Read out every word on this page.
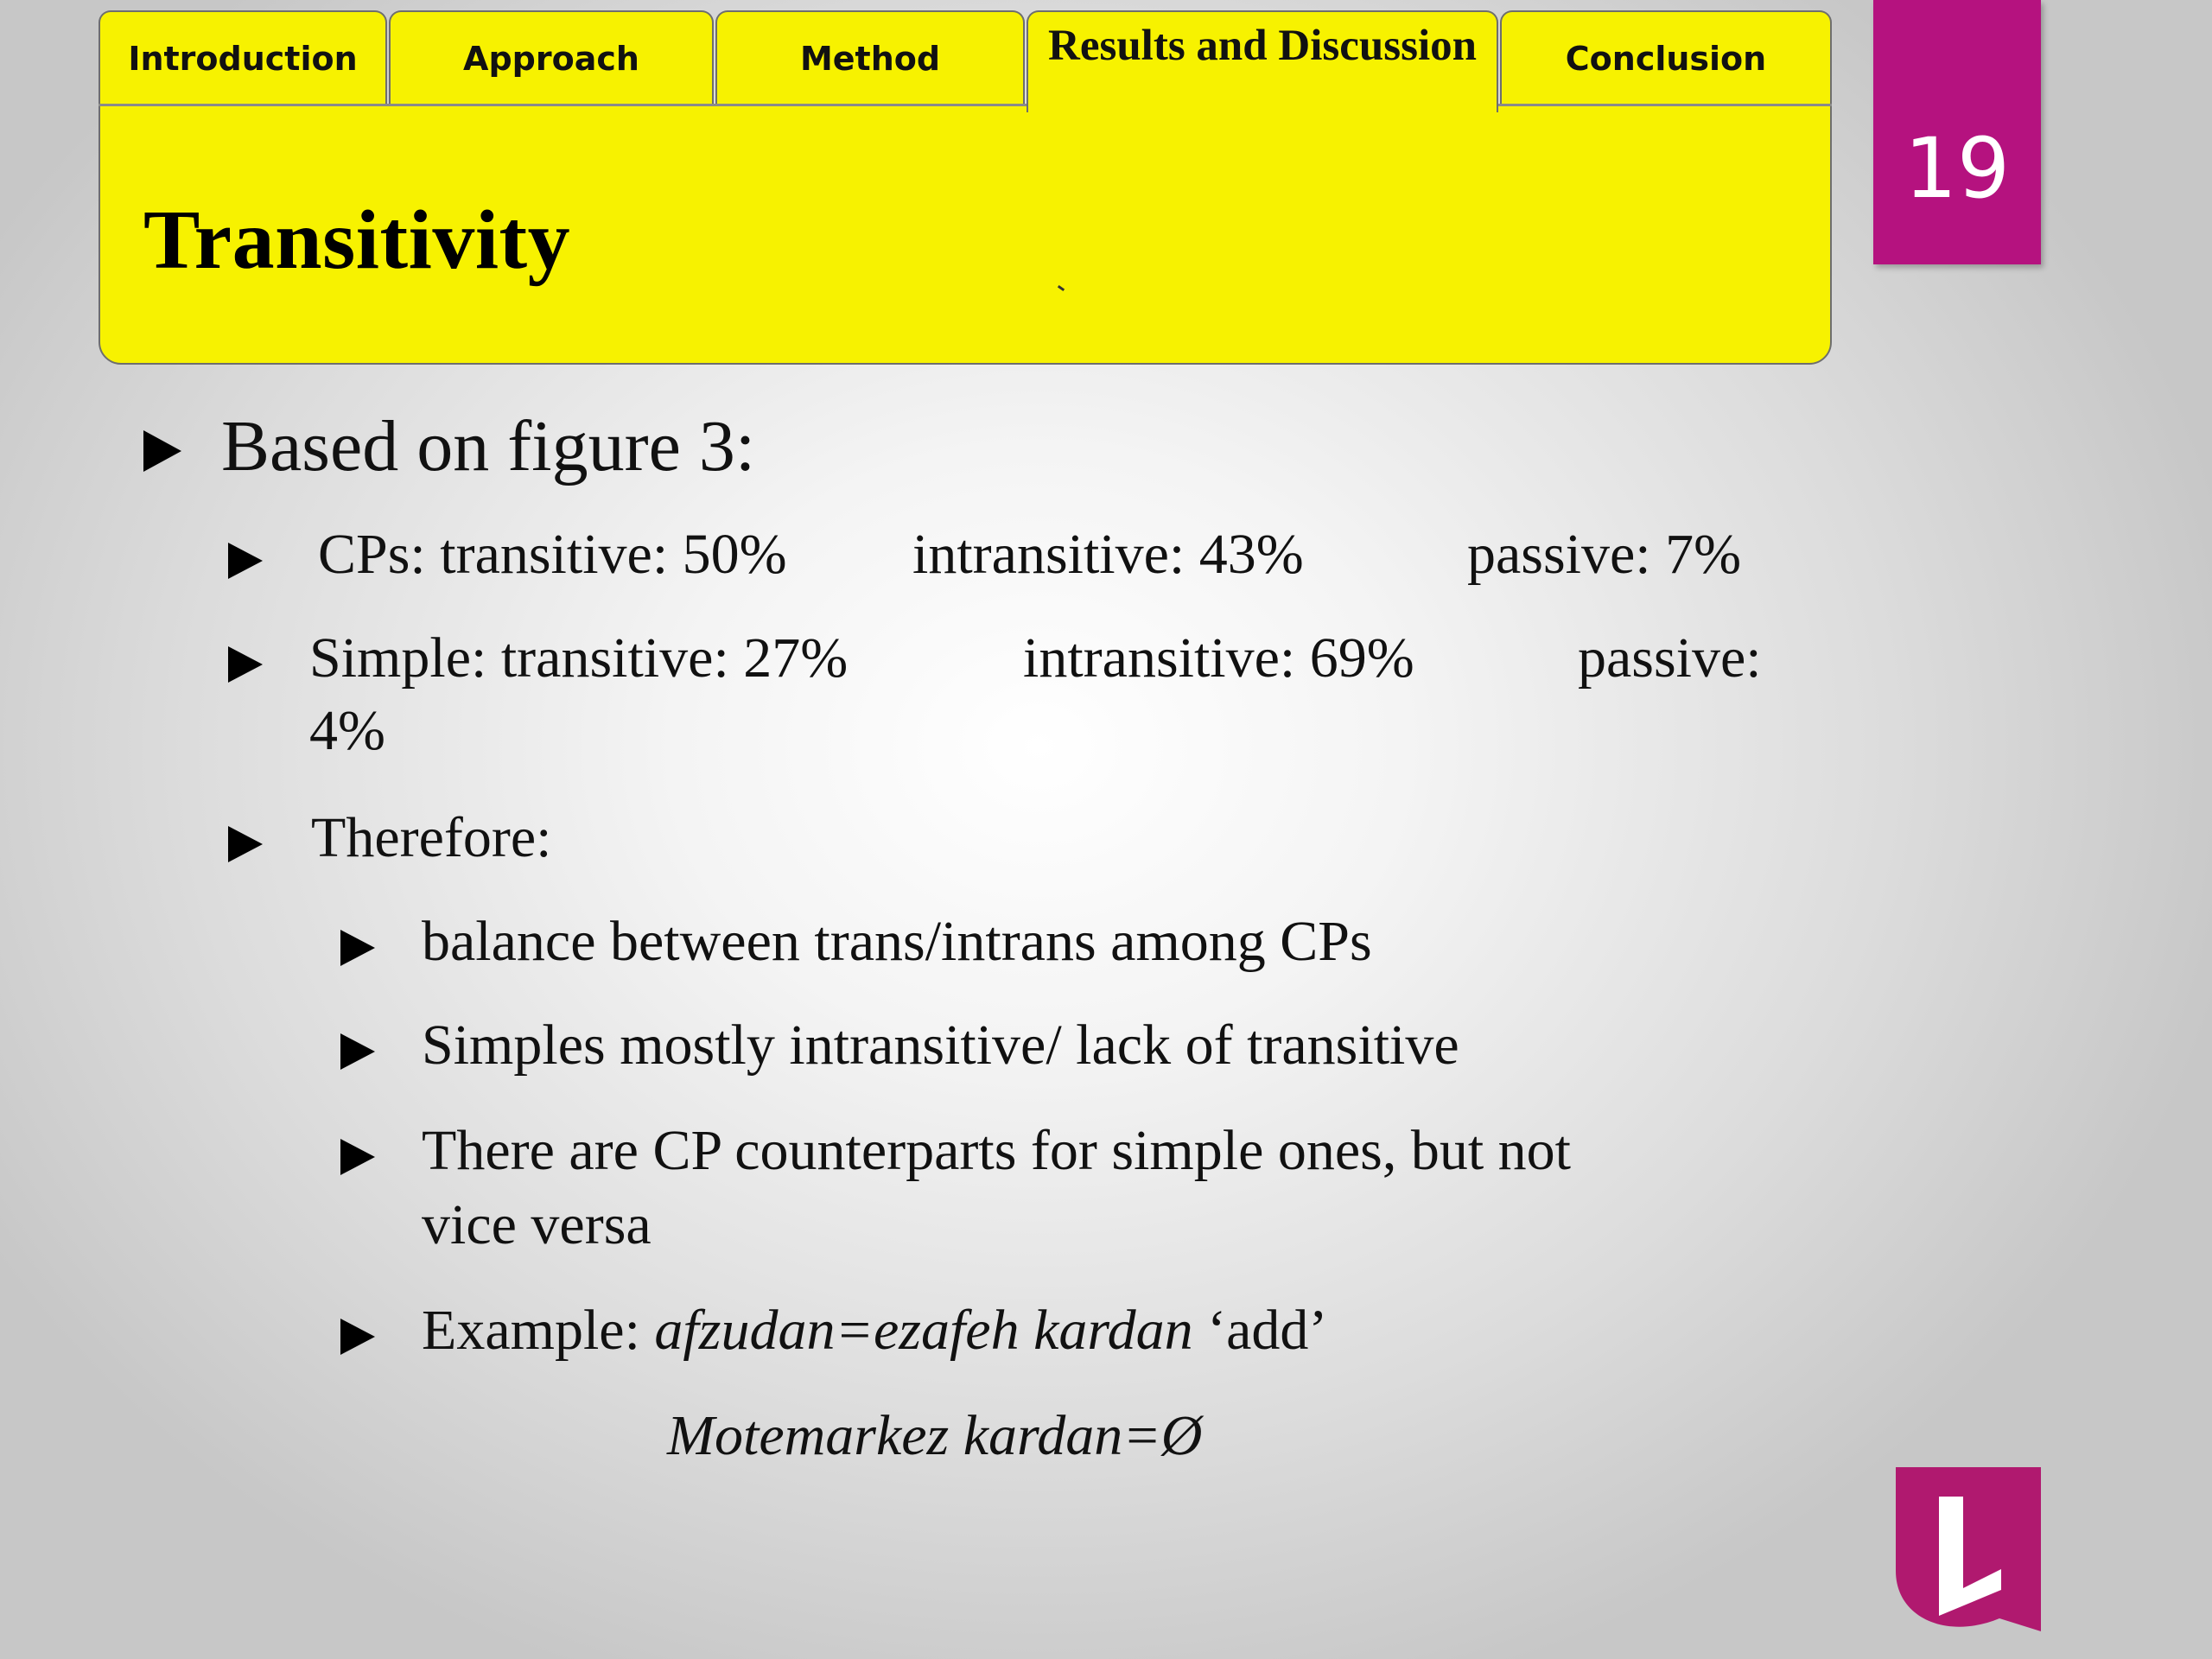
Transitivity
Introduction	Approach	Method	Results and Discussion	Conclusion
19
Based on figure 3:
CPs: transitive: 50% intransitive: 43%	passive: 7%
Simple: transitive: 27%	intransitive: 69%	passive:
4%
Therefore:
balance between trans/intrans among CPs
Simples mostly intransitive/ lack of transitive
There are CP counterparts for simple ones, but not
vice versa
Example: afzudan=ezafeh kardan ‘add’
Motemarkez kardan=Ø
